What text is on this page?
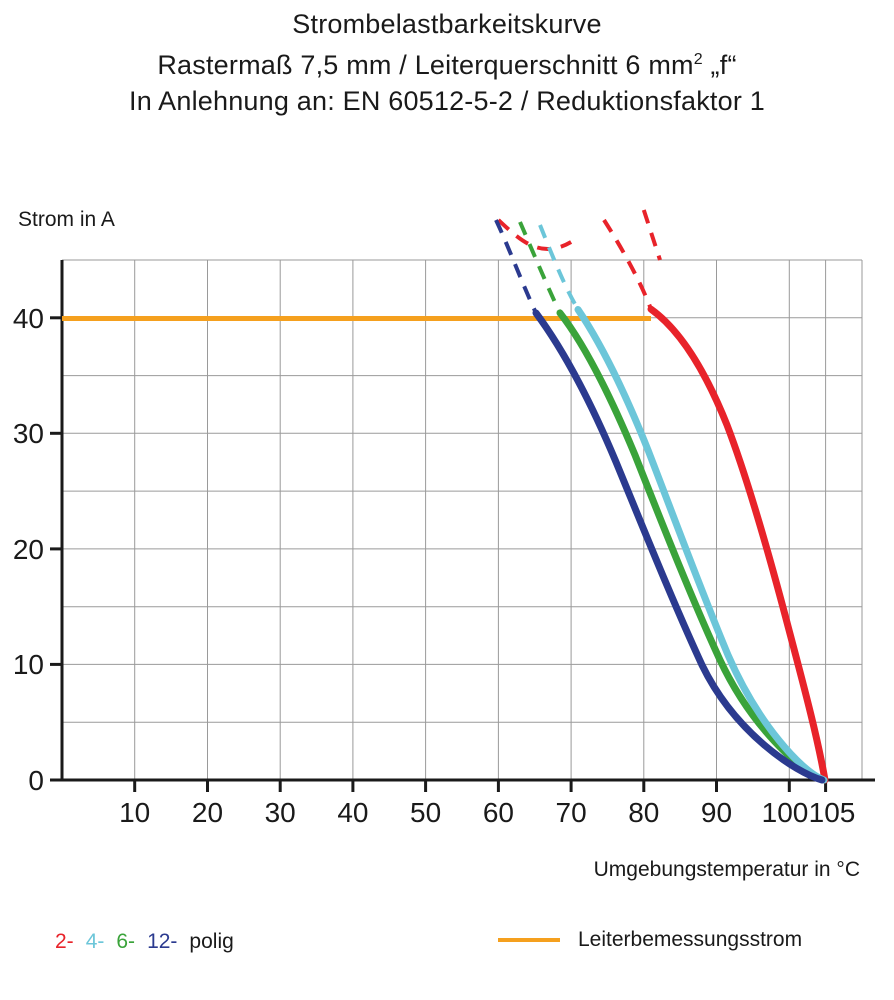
Strombelastbarkeitskurve
Rastermaß 7,5 mm / Leiterquerschnitt 6 $mm^2$ „f“
In Anlehnung an: EN 60512-5-2 / Reduktionsfaktor 1
Strom in A
0
10
20
30
40
10 20 30 40 50 60 70 80 90 100 105
Umgebungstemperatur in °C
2- 4- 6- 12- polig	Leiterbemessungsstrom
